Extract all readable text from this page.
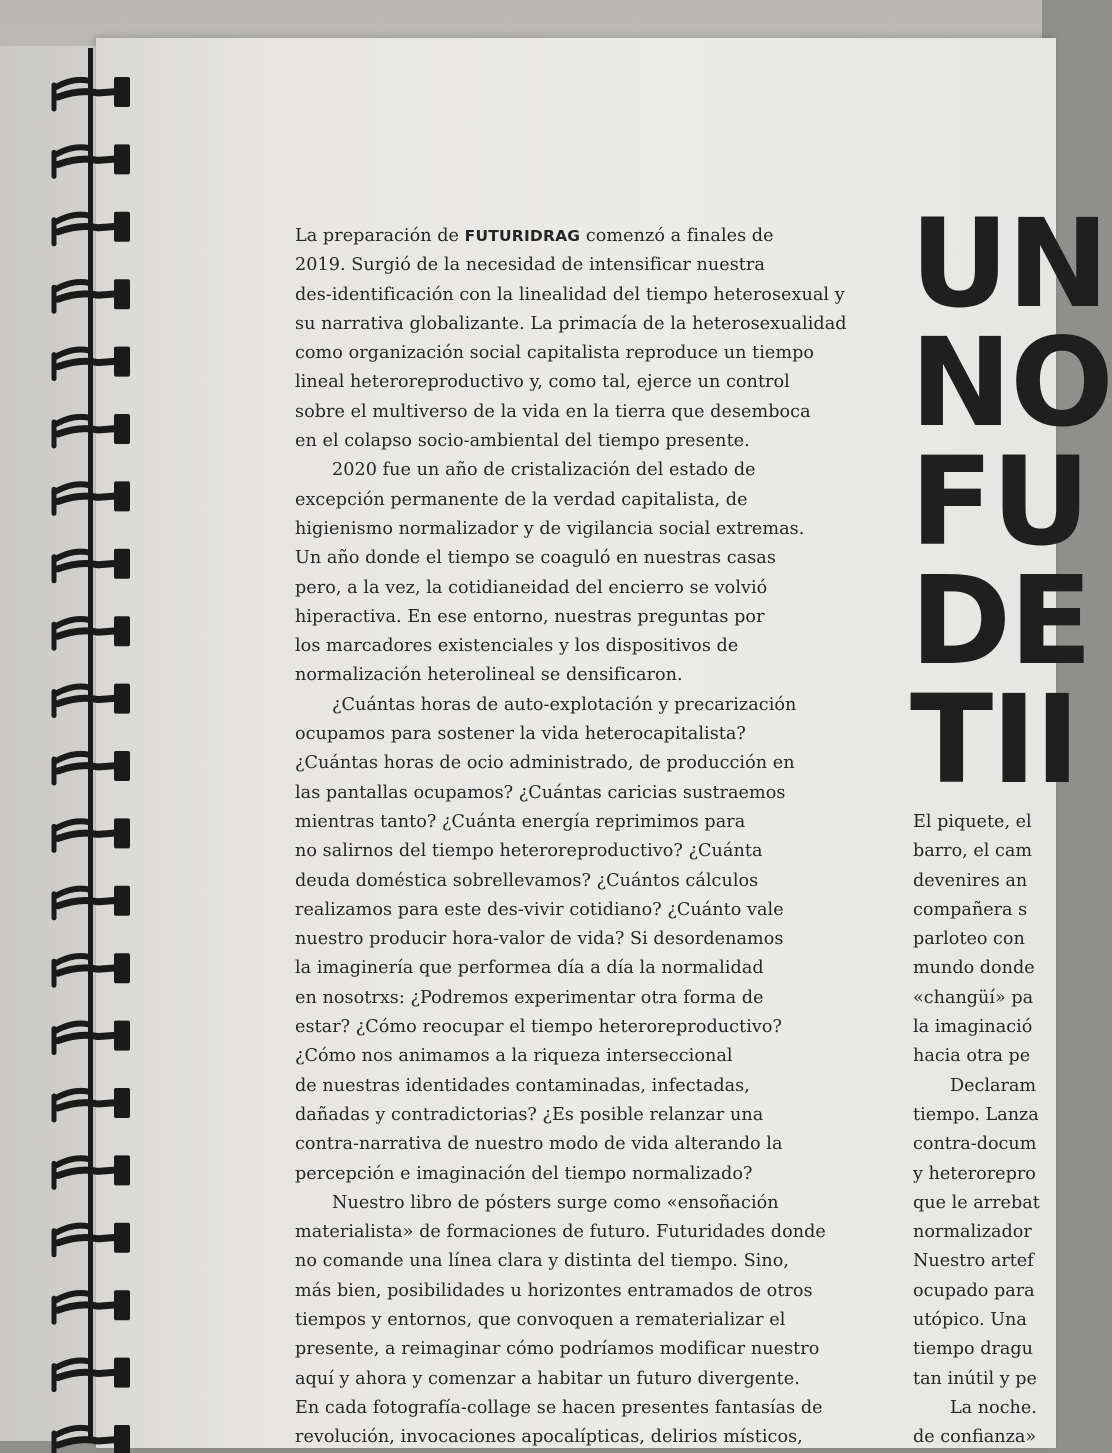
La preparación de FUTURIDRAG comenzó a finales de
2019. Surgió de la necesidad de intensificar nuestra
des-identificación con la linealidad del tiempo heterosexual y
su narrativa globalizante. La primacía de la heterosexualidad
como organización social capitalista reproduce un tiempo
lineal heteroreproductivo y, como tal, ejerce un control
sobre el multiverso de la vida en la tierra que desemboca
en el colapso socio-ambiental del tiempo presente.

2020 fue un año de cristalización del estado de
excepción permanente de la verdad capitalista, de
higienismo normalizador y de vigilancia social extremas.
Un año donde el tiempo se coaguló en nuestras casas
pero, a la vez, la cotidianeidad del encierro se volvió
hiperactiva. En ese entorno, nuestras preguntas por
los marcadores existenciales y los dispositivos de
normalización heterolineal se densificaron.

¿Cuántas horas de auto-explotación y precarización
ocupamos para sostener la vida heterocapitalista?
¿Cuántas horas de ocio administrado, de producción en
las pantallas ocupamos? ¿Cuántas caricias sustraemos
mientras tanto? ¿Cuánta energía reprimimos para
no salirnos del tiempo heteroreproductivo? ¿Cuánta
deuda doméstica sobrellevamos? ¿Cuántos cálculos
realizamos para este des-vivir cotidiano? ¿Cuánto vale
nuestro producir hora-valor de vida? Si desordenamos
la imaginería que performea día a día la normalidad
en nosotrxs: ¿Podremos experimentar otra forma de
estar? ¿Cómo reocupar el tiempo heteroreproductivo?
¿Cómo nos animamos a la riqueza interseccional
de nuestras identidades contaminadas, infectadas,
dañadas y contradictorias? ¿Es posible relanzar una
contra-narrativa de nuestro modo de vida alterando la
percepción e imaginación del tiempo normalizado?

Nuestro libro de pósters surge como «ensoñación
materialista» de formaciones de futuro. Futuridades donde
no comande una línea clara y distinta del tiempo. Sino,
más bien, posibilidades u horizontes entramados de otros
tiempos y entornos, que convoquen a rematerializar el
presente, a reimaginar cómo podríamos modificar nuestro
aquí y ahora y comenzar a habitar un futuro divergente.
En cada fotografía-collage se hacen presentes fantasías de
revolución, invocaciones apocalípticas, delirios místicos,

UN
NO
FU
DE
TII
El piquete, el
barro, el cam
devenires an
compañera s
parloteo con
mundo donde
«changüí» pa
la imaginació
hacia otra pe
Declaram
tiempo. Lanza
contra-docum
y heterorepro
que le arrebat
normalizador
Nuestro artef
ocupado para
utópico. Una
tiempo dragu
tan inútil y pe
La noche.
de confianza»
